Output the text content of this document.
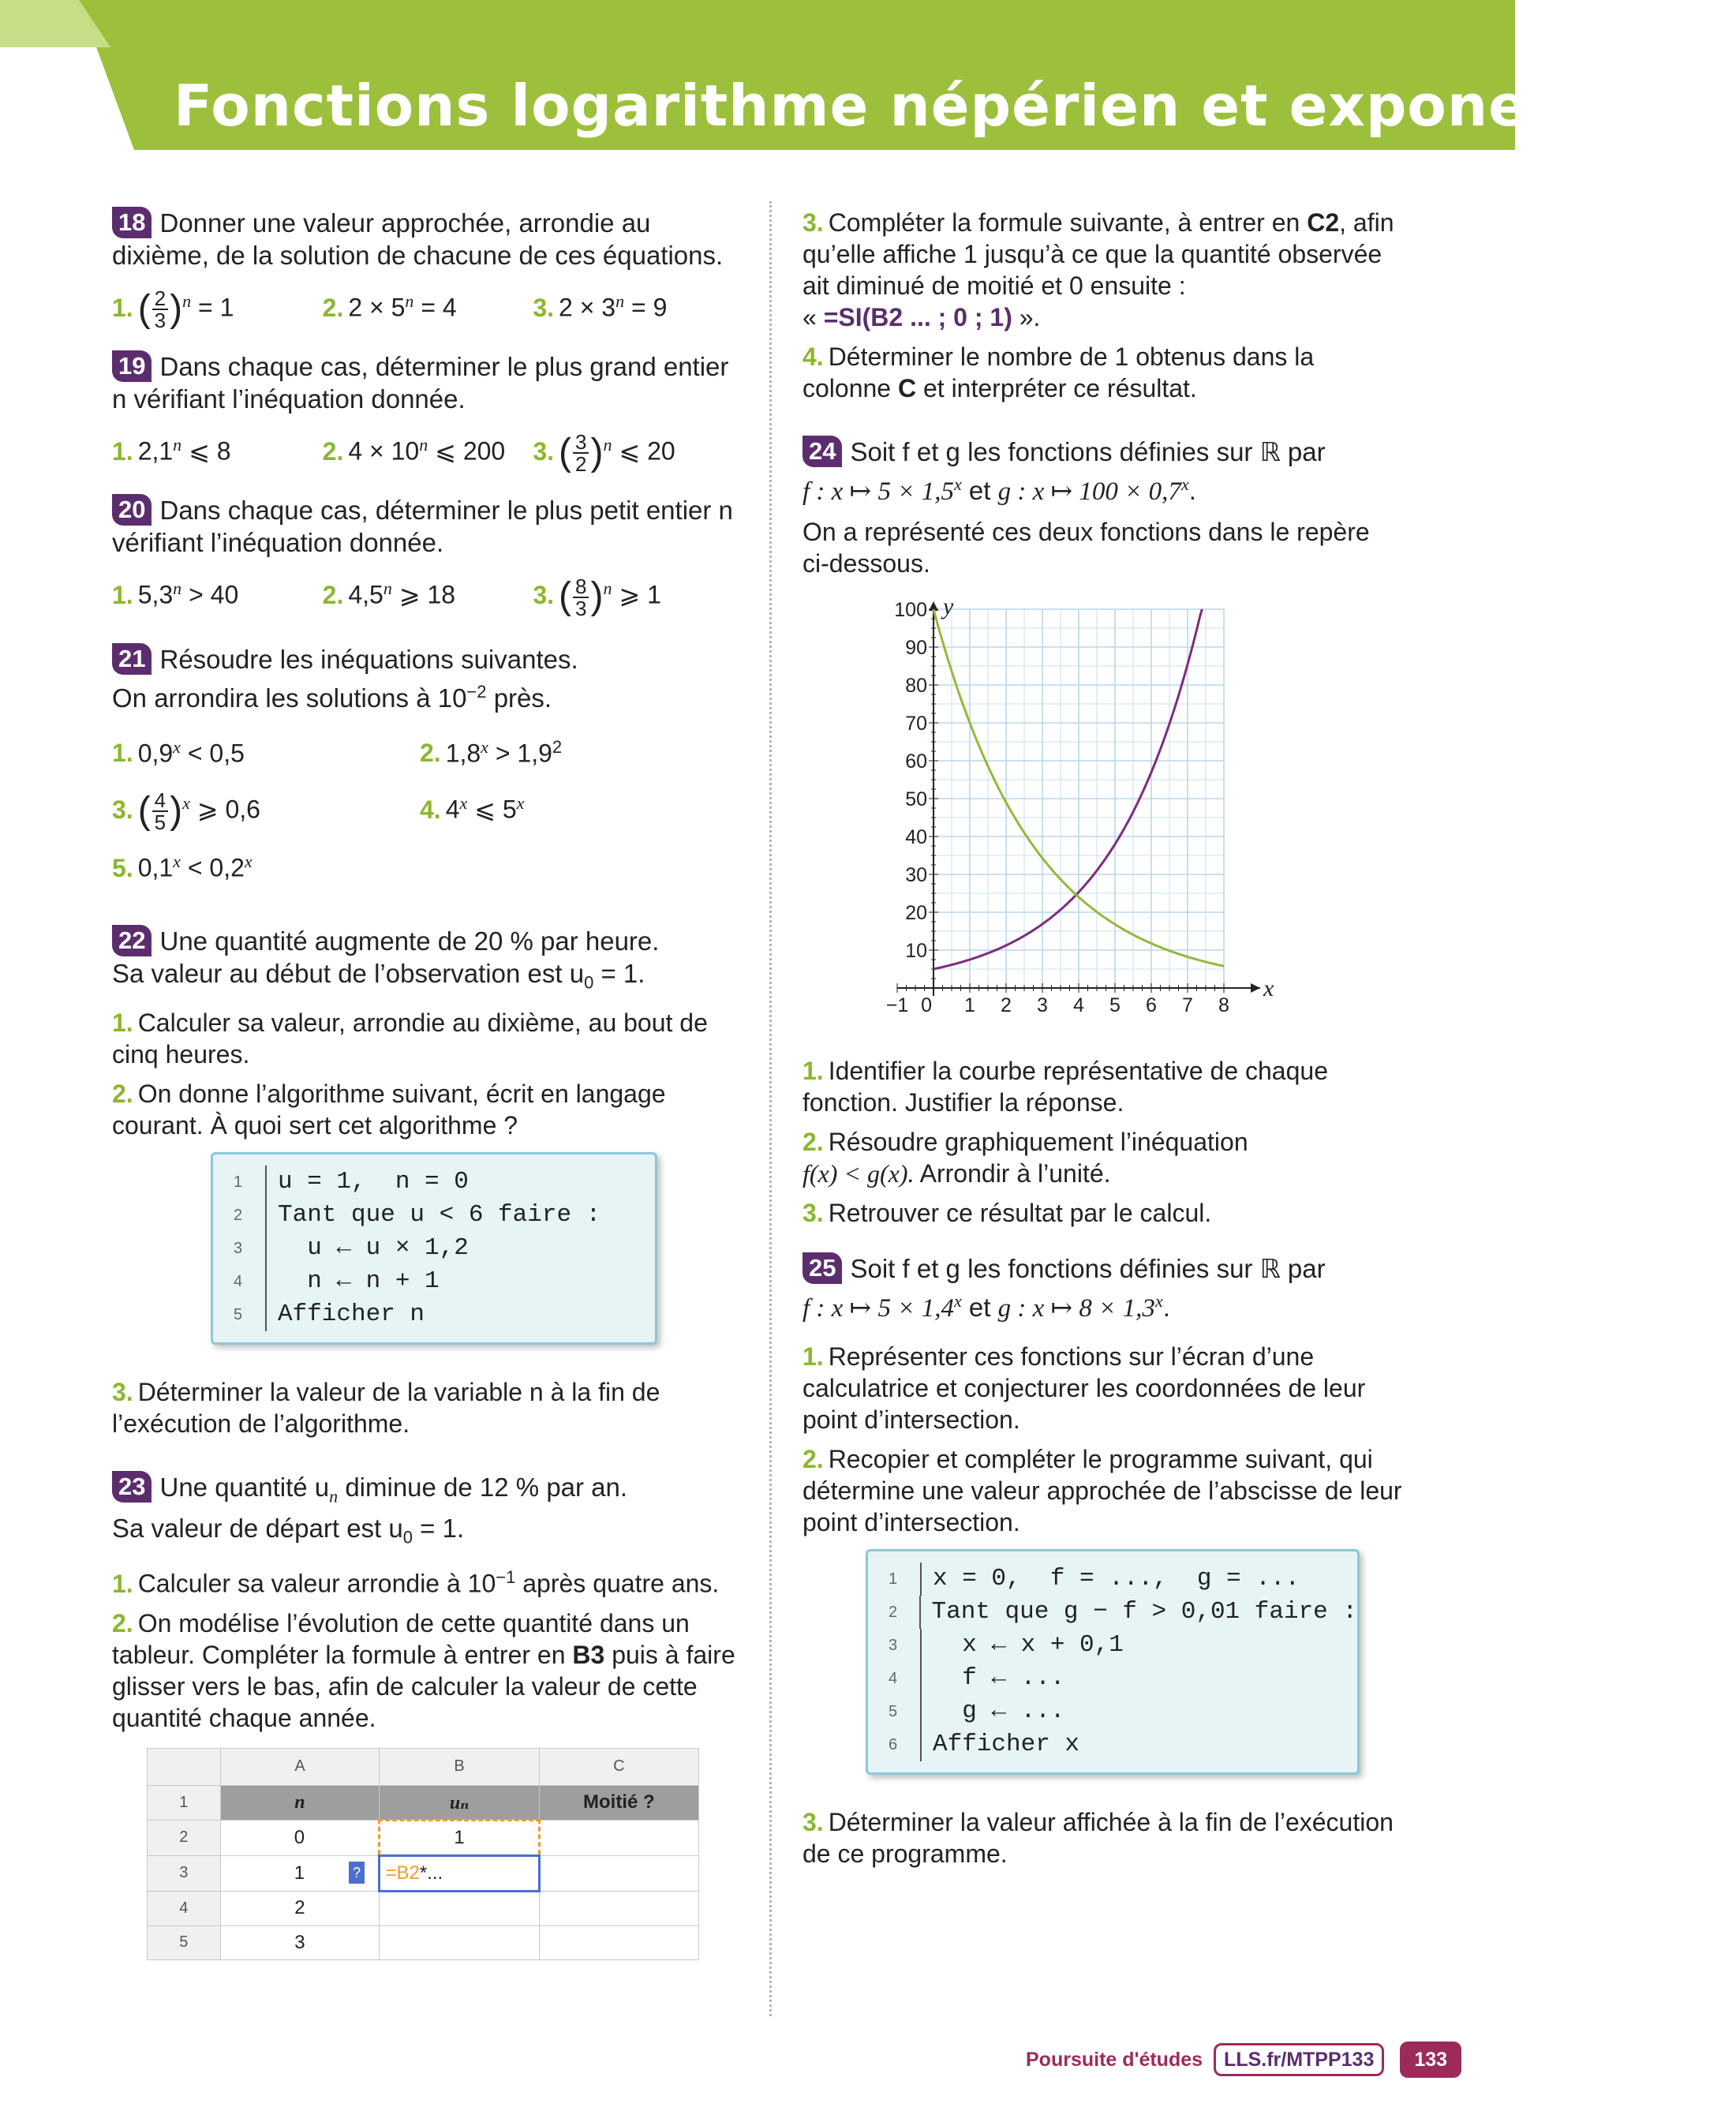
Fonctions logarithme népérien et exponentielle
18 Donner une valeur approchée, arrondie au dixième, de la solution de chacune de ces équations.
1. ( $\frac{2}{3} )^n = 1$	2. $2 \times 5^n = 4$	3. $2 \times 3^n = 9$
19 Dans chaque cas, déterminer le plus grand entier n vérifiant l’inéquation donnée.
1. 2,1$^n$ ⩽ 8	2. $4 \times 10^n$ ⩽ 200	3. ( $\frac{3}{2} )^n$ ⩽ 20
20 Dans chaque cas, déterminer le plus petit entier n vérifiant l’inéquation donnée.
1. $5,3^n > 40$	2. 4,5$^n$ ⩾ 18	3. ( $\frac{8}{3} )^n$ ⩾ 1
21 Résoudre les inéquations suivantes.
On arrondira les solutions à $10^{-2}$ près.
1. $0,9^x < 0,5$	2. $1,8^x > 1,9^2$
3. ( $\frac{4}{5} )^x$ ⩾ 0,6	4. 4$^x$ ⩽ 5$^x$
5. $0,1^x < 0,2^x$
22 Une quantité augmente de 20 % par heure.
Sa valeur au début de l’observation est $u_0 = 1$.
1. Calculer sa valeur, arrondie au dixième, au bout de cinq heures.
2. On donne l’algorithme suivant, écrit en langage courant. À quoi sert cet algorithme ?
1	u = 1,  n = 0
2	Tant que u < 6 faire :
3	u ← u × 1,2
4	n ← n + 1
5	Afficher n
3. Déterminer la valeur de la variable n à la fin de l’exécution de l’algorithme.
23 Une quantité $u_n$ diminue de 12 % par an.
Sa valeur de départ est $u_0 = 1$.
1. Calculer sa valeur arrondie à $10^{-1}$ après quatre ans.
2. On modélise l’évolution de cette quantité dans un tableur. Compléter la formule à entrer en B3 puis à faire glisser vers le bas, afin de calculer la valeur de cette quantité chaque année.
	A	B	C
1	n	uₙ	Moitié ?
2	0	1	
3	1	=B2*...	
4	2		
5	3		
?
3. Compléter la formule suivante, à entrer en C2, afin qu’elle affiche 1 jusqu’à ce que la quantité observée ait diminué de moitié et 0 ensuite :
« =SI(B2 ... ; 0 ; 1) ».
4. Déterminer le nombre de 1 obtenus dans la colonne C et interpréter ce résultat.
24 Soit f et g les fonctions définies sur ℝ par
f : x ↦ $5 \times 1,5^x$ et g : x ↦ $100 \times 0,7^x$.
On a représenté ces deux fonctions dans le repère ci-dessous.
−1 0 1 2 3 4 5 6 7 8
10
20
30
40
50
60
70
80
90
100
x
y
1. Identifier la courbe représentative de chaque fonction. Justifier la réponse.
2. Résoudre graphiquement l’inéquation
f(x) < g(x). Arrondir à l’unité.
3. Retrouver ce résultat par le calcul.
25 Soit f et g les fonctions définies sur ℝ par
f : x ↦ $5 \times 1,4^x$ et g : x ↦ $8 \times 1,3^x$.
1. Représenter ces fonctions sur l’écran d’une calculatrice et conjecturer les coordonnées de leur point d’intersection.
2. Recopier et compléter le programme suivant, qui détermine une valeur approchée de l’abscisse de leur point d’intersection.
1	x = 0,  f = ...,  g = ...
2	Tant que g − f > 0,01 faire :
3	x ← x + 0,1
4	f ← ...
5	g ← ...
6	Afficher x
3. Déterminer la valeur affichée à la fin de l’exécution de ce programme.
Poursuite d'études	LLS.fr/MTPP133	133
